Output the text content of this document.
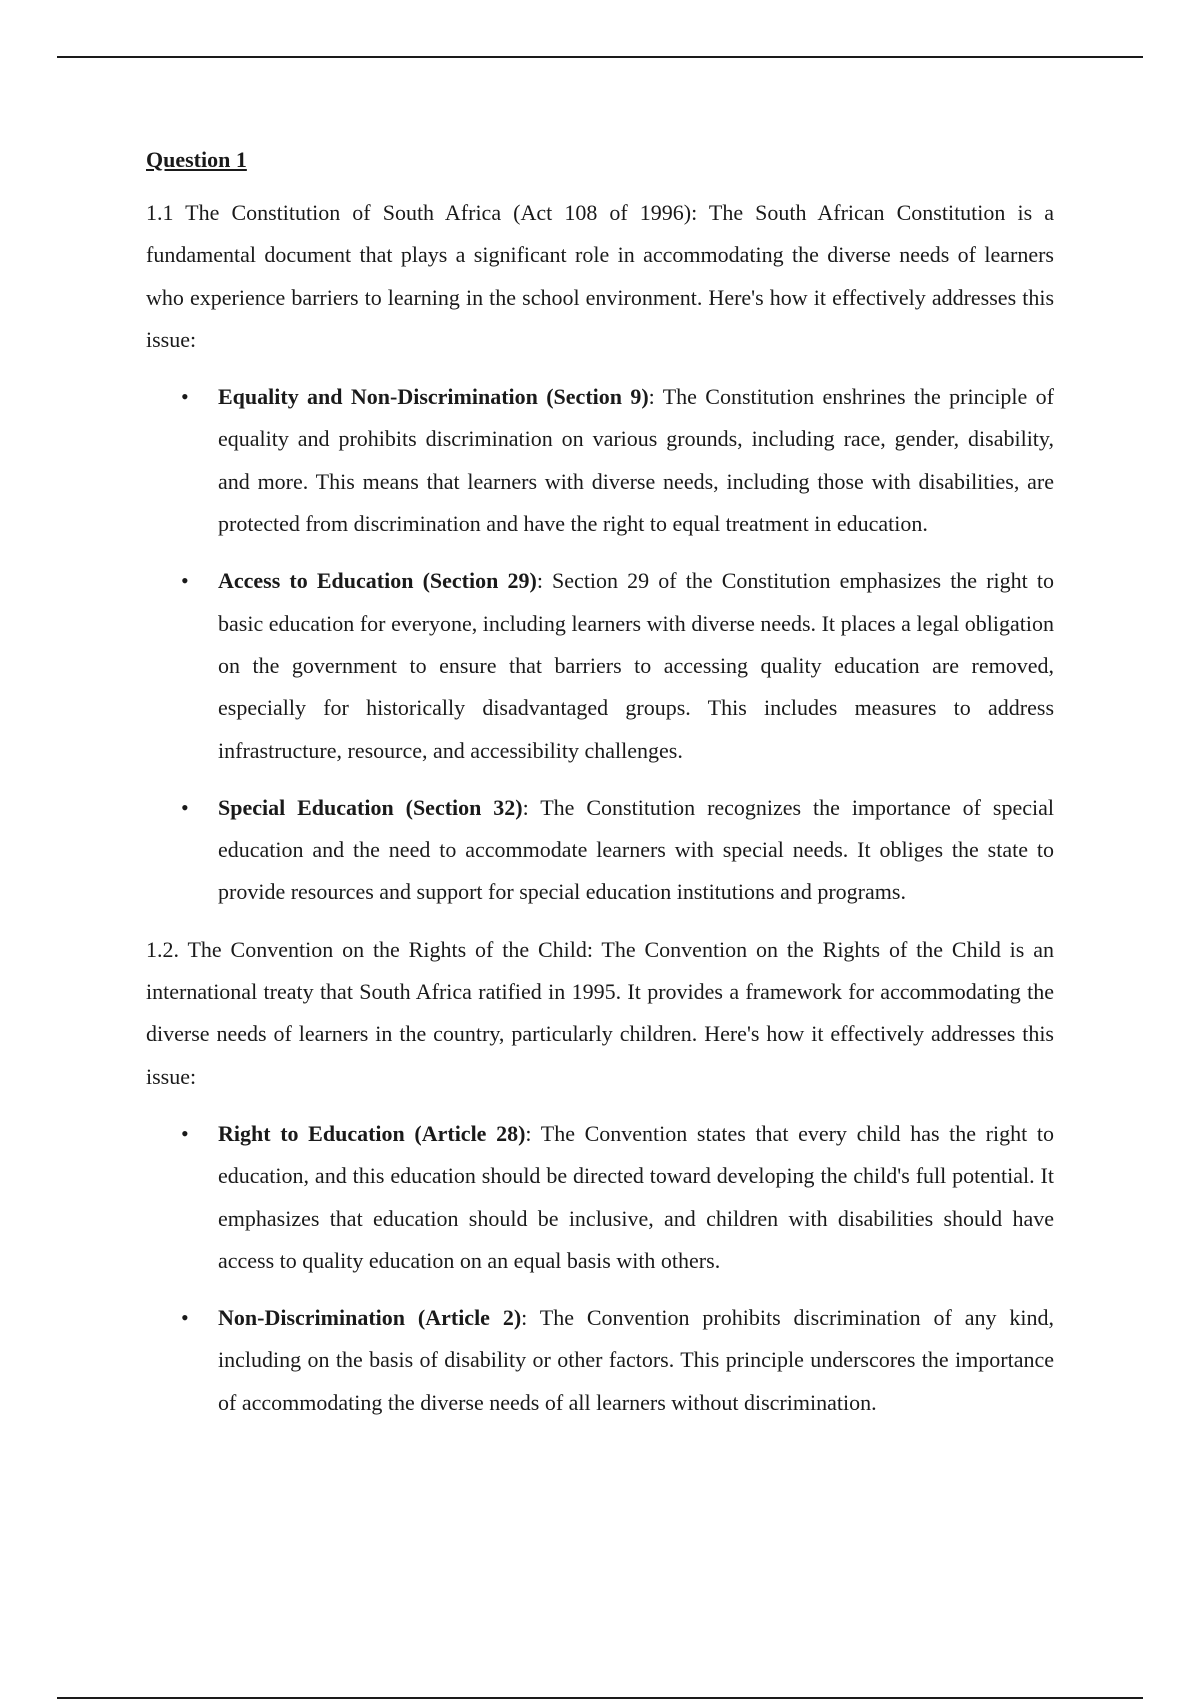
Question 1

1.1 The Constitution of South Africa (Act 108 of 1996): The South African Constitution is a fundamental document that plays a significant role in accommodating the diverse needs of learners who experience barriers to learning in the school environment. Here's how it effectively addresses this issue:

• Equality and Non-Discrimination (Section 9): The Constitution enshrines the principle of equality and prohibits discrimination on various grounds, including race, gender, disability, and more. This means that learners with diverse needs, including those with disabilities, are protected from discrimination and have the right to equal treatment in education.
• Access to Education (Section 29): Section 29 of the Constitution emphasizes the right to basic education for everyone, including learners with diverse needs. It places a legal obligation on the government to ensure that barriers to accessing quality education are removed, especially for historically disadvantaged groups. This includes measures to address infrastructure, resource, and accessibility challenges.
• Special Education (Section 32): The Constitution recognizes the importance of special education and the need to accommodate learners with special needs. It obliges the state to provide resources and support for special education institutions and programs.

1.2. The Convention on the Rights of the Child: The Convention on the Rights of the Child is an international treaty that South Africa ratified in 1995. It provides a framework for accommodating the diverse needs of learners in the country, particularly children. Here's how it effectively addresses this issue:

• Right to Education (Article 28): The Convention states that every child has the right to education, and this education should be directed toward developing the child's full potential. It emphasizes that education should be inclusive, and children with disabilities should have access to quality education on an equal basis with others.
• Non-Discrimination (Article 2): The Convention prohibits discrimination of any kind, including on the basis of disability or other factors. This principle underscores the importance of accommodating the diverse needs of all learners without discrimination.
